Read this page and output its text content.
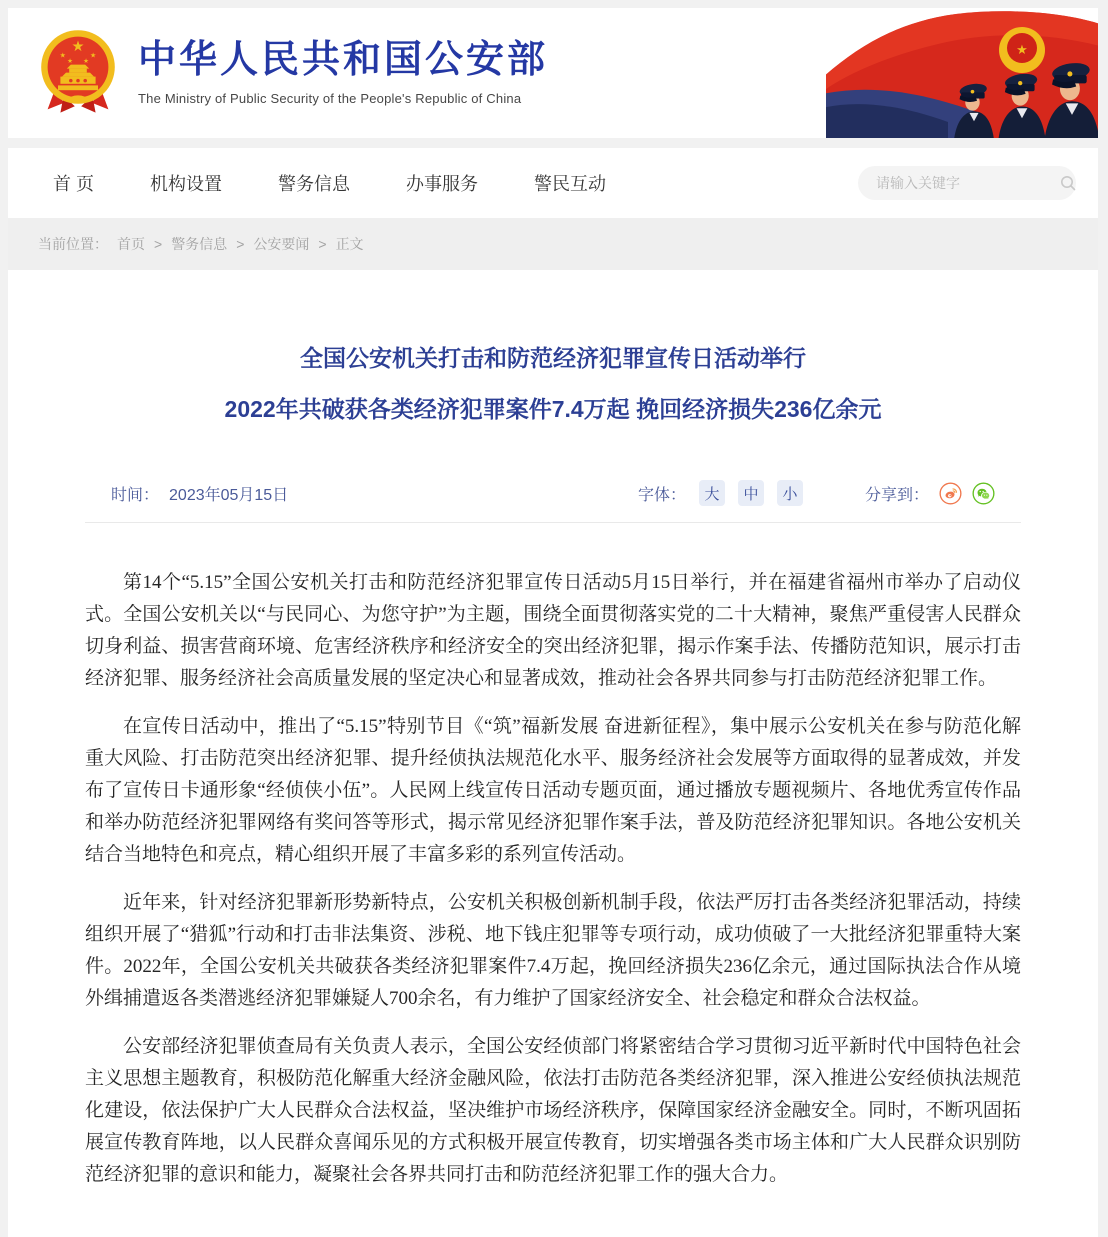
★
★	★
★ ★ 中华人民共和国公安部
The Ministry of Public Security of the People's Republic of China
★
首 页	机构设置	警务信息	办事服务	警民互动
请输入关键字
当前位置： 首页 > 警务信息 > 公安要闻 > 正文
全国公安机关打击和防范经济犯罪宣传日活动举行
2022年共破获各类经济犯罪案件7.4万起 挽回经济损失236亿余元
时间： 2023年05月15日	字体：	大	中	小	分享到：

第14个“5.15”全国公安机关打击和防范经济犯罪宣传日活动5月15日举行，并在福建省福州市举办了启动仪式。全国公安机关以“与民同心、为您守护”为主题，围绕全面贯彻落实党的二十大精神，聚焦严重侵害人民群众切身利益、损害营商环境、危害经济秩序和经济安全的突出经济犯罪，揭示作案手法、传播防范知识，展示打击经济犯罪、服务经济社会高质量发展的坚定决心和显著成效，推动社会各界共同参与打击防范经济犯罪工作。

在宣传日活动中，推出了“5.15”特别节目《“筑”福新发展 奋进新征程》，集中展示公安机关在参与防范化解重大风险、打击防范突出经济犯罪、提升经侦执法规范化水平、服务经济社会发展等方面取得的显著成效，并发布了宣传日卡通形象“经侦侠小伍”。人民网上线宣传日活动专题页面，通过播放专题视频片、各地优秀宣传作品和举办防范经济犯罪网络有奖问答等形式，揭示常见经济犯罪作案手法，普及防范经济犯罪知识。各地公安机关结合当地特色和亮点，精心组织开展了丰富多彩的系列宣传活动。

近年来，针对经济犯罪新形势新特点，公安机关积极创新机制手段，依法严厉打击各类经济犯罪活动，持续组织开展了“猎狐”行动和打击非法集资、涉税、地下钱庄犯罪等专项行动，成功侦破了一大批经济犯罪重特大案件。2022年，全国公安机关共破获各类经济犯罪案件7.4万起，挽回经济损失236亿余元，通过国际执法合作从境外缉捕遣返各类潜逃经济犯罪嫌疑人700余名，有力维护了国家经济安全、社会稳定和群众合法权益。

公安部经济犯罪侦查局有关负责人表示，全国公安经侦部门将紧密结合学习贯彻习近平新时代中国特色社会主义思想主题教育，积极防范化解重大经济金融风险，依法打击防范各类经济犯罪，深入推进公安经侦执法规范化建设，依法保护广大人民群众合法权益，坚决维护市场经济秩序，保障国家经济金融安全。同时，不断巩固拓展宣传教育阵地，以人民群众喜闻乐见的方式积极开展宣传教育，切实增强各类市场主体和广大人民群众识别防范经济犯罪的意识和能力，凝聚社会各界共同打击和防范经济犯罪工作的强大合力。
